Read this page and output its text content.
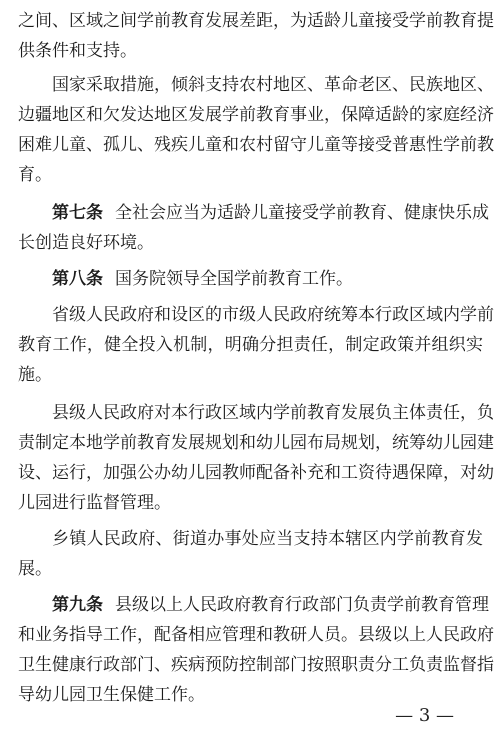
之间、区域之间学前教育发展差距，为适龄儿童接受学前教育提
供条件和支持。
国家采取措施，倾斜支持农村地区、革命老区、民族地区、
边疆地区和欠发达地区发展学前教育事业，保障适龄的家庭经济
困难儿童、孤儿、残疾儿童和农村留守儿童等接受普惠性学前教
育。
第七条 全社会应当为适龄儿童接受学前教育、健康快乐成
长创造良好环境。
第八条 国务院领导全国学前教育工作。
省级人民政府和设区的市级人民政府统筹本行政区域内学前
教育工作，健全投入机制，明确分担责任，制定政策并组织实
施。
县级人民政府对本行政区域内学前教育发展负主体责任，负
责制定本地学前教育发展规划和幼儿园布局规划，统筹幼儿园建
设、运行，加强公办幼儿园教师配备补充和工资待遇保障，对幼
儿园进行监督管理。
乡镇人民政府、街道办事处应当支持本辖区内学前教育发
展。
第九条 县级以上人民政府教育行政部门负责学前教育管理
和业务指导工作，配备相应管理和教研人员。县级以上人民政府
卫生健康行政部门、疾病预防控制部门按照职责分工负责监督指
导幼儿园卫生保健工作。
— 3 —
